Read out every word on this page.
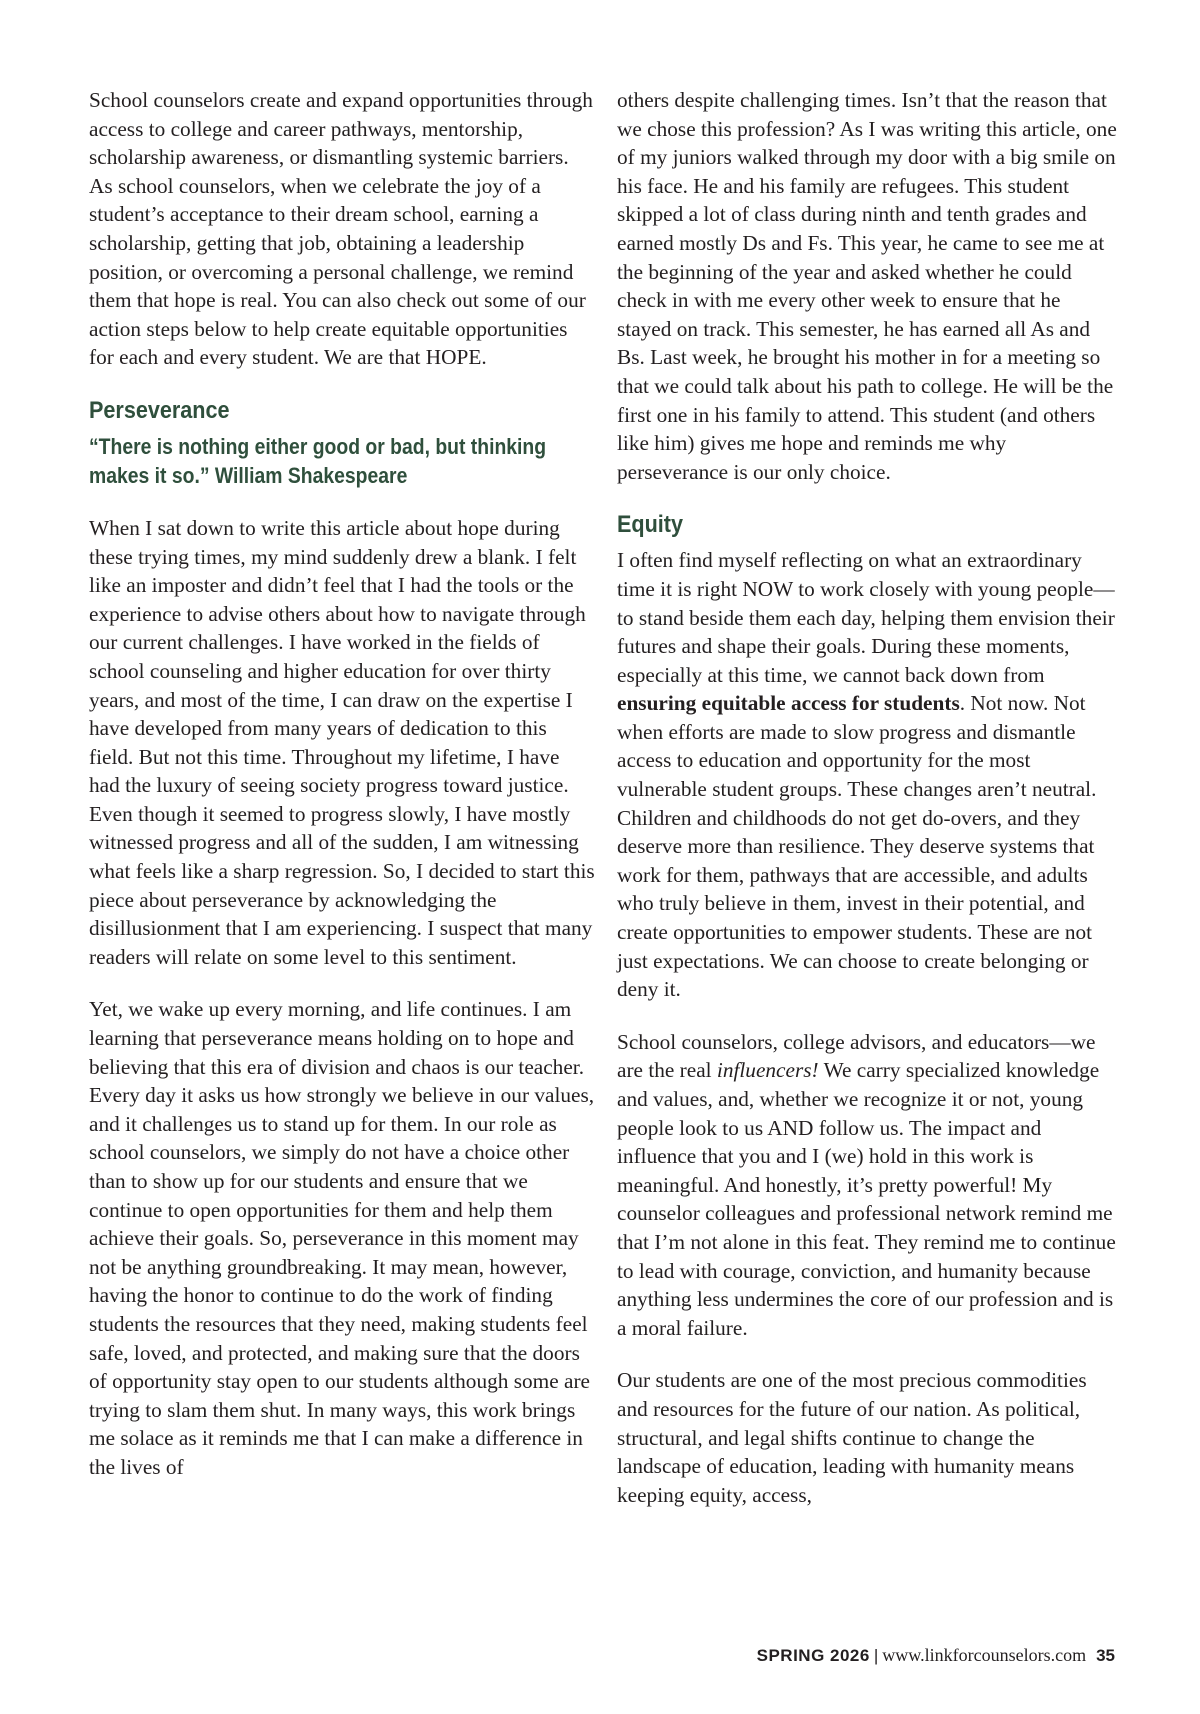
School counselors create and expand opportunities through access to college and career pathways, mentorship, scholarship awareness, or dismantling systemic barriers. As school counselors, when we celebrate the joy of a student’s acceptance to their dream school, earning a scholarship, getting that job, obtaining a leadership position, or overcoming a personal challenge, we remind them that hope is real. You can also check out some of our action steps below to help create equitable opportunities for each and every student. We are that HOPE.

Perseverance
“There is nothing either good or bad, but thinking makes it so.” William Shakespeare

When I sat down to write this article about hope during these trying times, my mind suddenly drew a blank. I felt like an imposter and didn’t feel that I had the tools or the experience to advise others about how to navigate through our current challenges. I have worked in the fields of school counseling and higher education for over thirty years, and most of the time, I can draw on the expertise I have developed from many years of dedication to this field. But not this time. Throughout my lifetime, I have had the luxury of seeing society progress toward justice. Even though it seemed to progress slowly, I have mostly witnessed progress and all of the sudden, I am witnessing what feels like a sharp regression. So, I decided to start this piece about perseverance by acknowledging the disillusionment that I am experiencing. I suspect that many readers will relate on some level to this sentiment.

Yet, we wake up every morning, and life continues. I am learning that perseverance means holding on to hope and believing that this era of division and chaos is our teacher. Every day it asks us how strongly we believe in our values, and it challenges us to stand up for them. In our role as school counselors, we simply do not have a choice other than to show up for our students and ensure that we continue to open opportunities for them and help them achieve their goals. So, perseverance in this moment may not be anything groundbreaking. It may mean, however, having the honor to continue to do the work of finding students the resources that they need, making students feel safe, loved, and protected, and making sure that the doors of opportunity stay open to our students although some are trying to slam them shut. In many ways, this work brings me solace as it reminds me that I can make a difference in the lives of

others despite challenging times. Isn’t that the reason that we chose this profession? As I was writing this article, one of my juniors walked through my door with a big smile on his face. He and his family are refugees. This student skipped a lot of class during ninth and tenth grades and earned mostly Ds and Fs. This year, he came to see me at the beginning of the year and asked whether he could check in with me every other week to ensure that he stayed on track. This semester, he has earned all As and Bs. Last week, he brought his mother in for a meeting so that we could talk about his path to college. He will be the first one in his family to attend. This student (and others like him) gives me hope and reminds me why perseverance is our only choice.

Equity

I often find myself reflecting on what an extraordinary time it is right NOW to work closely with young people—to stand beside them each day, helping them envision their futures and shape their goals. During these moments, especially at this time, we cannot back down from ensuring equitable access for students. Not now. Not when efforts are made to slow progress and dismantle access to education and opportunity for the most vulnerable student groups. These changes aren’t neutral. Children and childhoods do not get do-overs, and they deserve more than resilience. They deserve systems that work for them, pathways that are accessible, and adults who truly believe in them, invest in their potential, and create opportunities to empower students. These are not just expectations. We can choose to create belonging or deny it.

School counselors, college advisors, and educators—we are the real influencers! We carry specialized knowledge and values, and, whether we recognize it or not, young people look to us AND follow us. The impact and influence that you and I (we) hold in this work is meaningful. And honestly, it’s pretty powerful! My counselor colleagues and professional network remind me that I’m not alone in this feat. They remind me to continue to lead with courage, conviction, and humanity because anything less undermines the core of our profession and is a moral failure.

Our students are one of the most precious commodities and resources for the future of our nation. As political, structural, and legal shifts continue to change the landscape of education, leading with humanity means keeping equity, access,

SPRING 2026 | www.linkforcounselors.com 35
